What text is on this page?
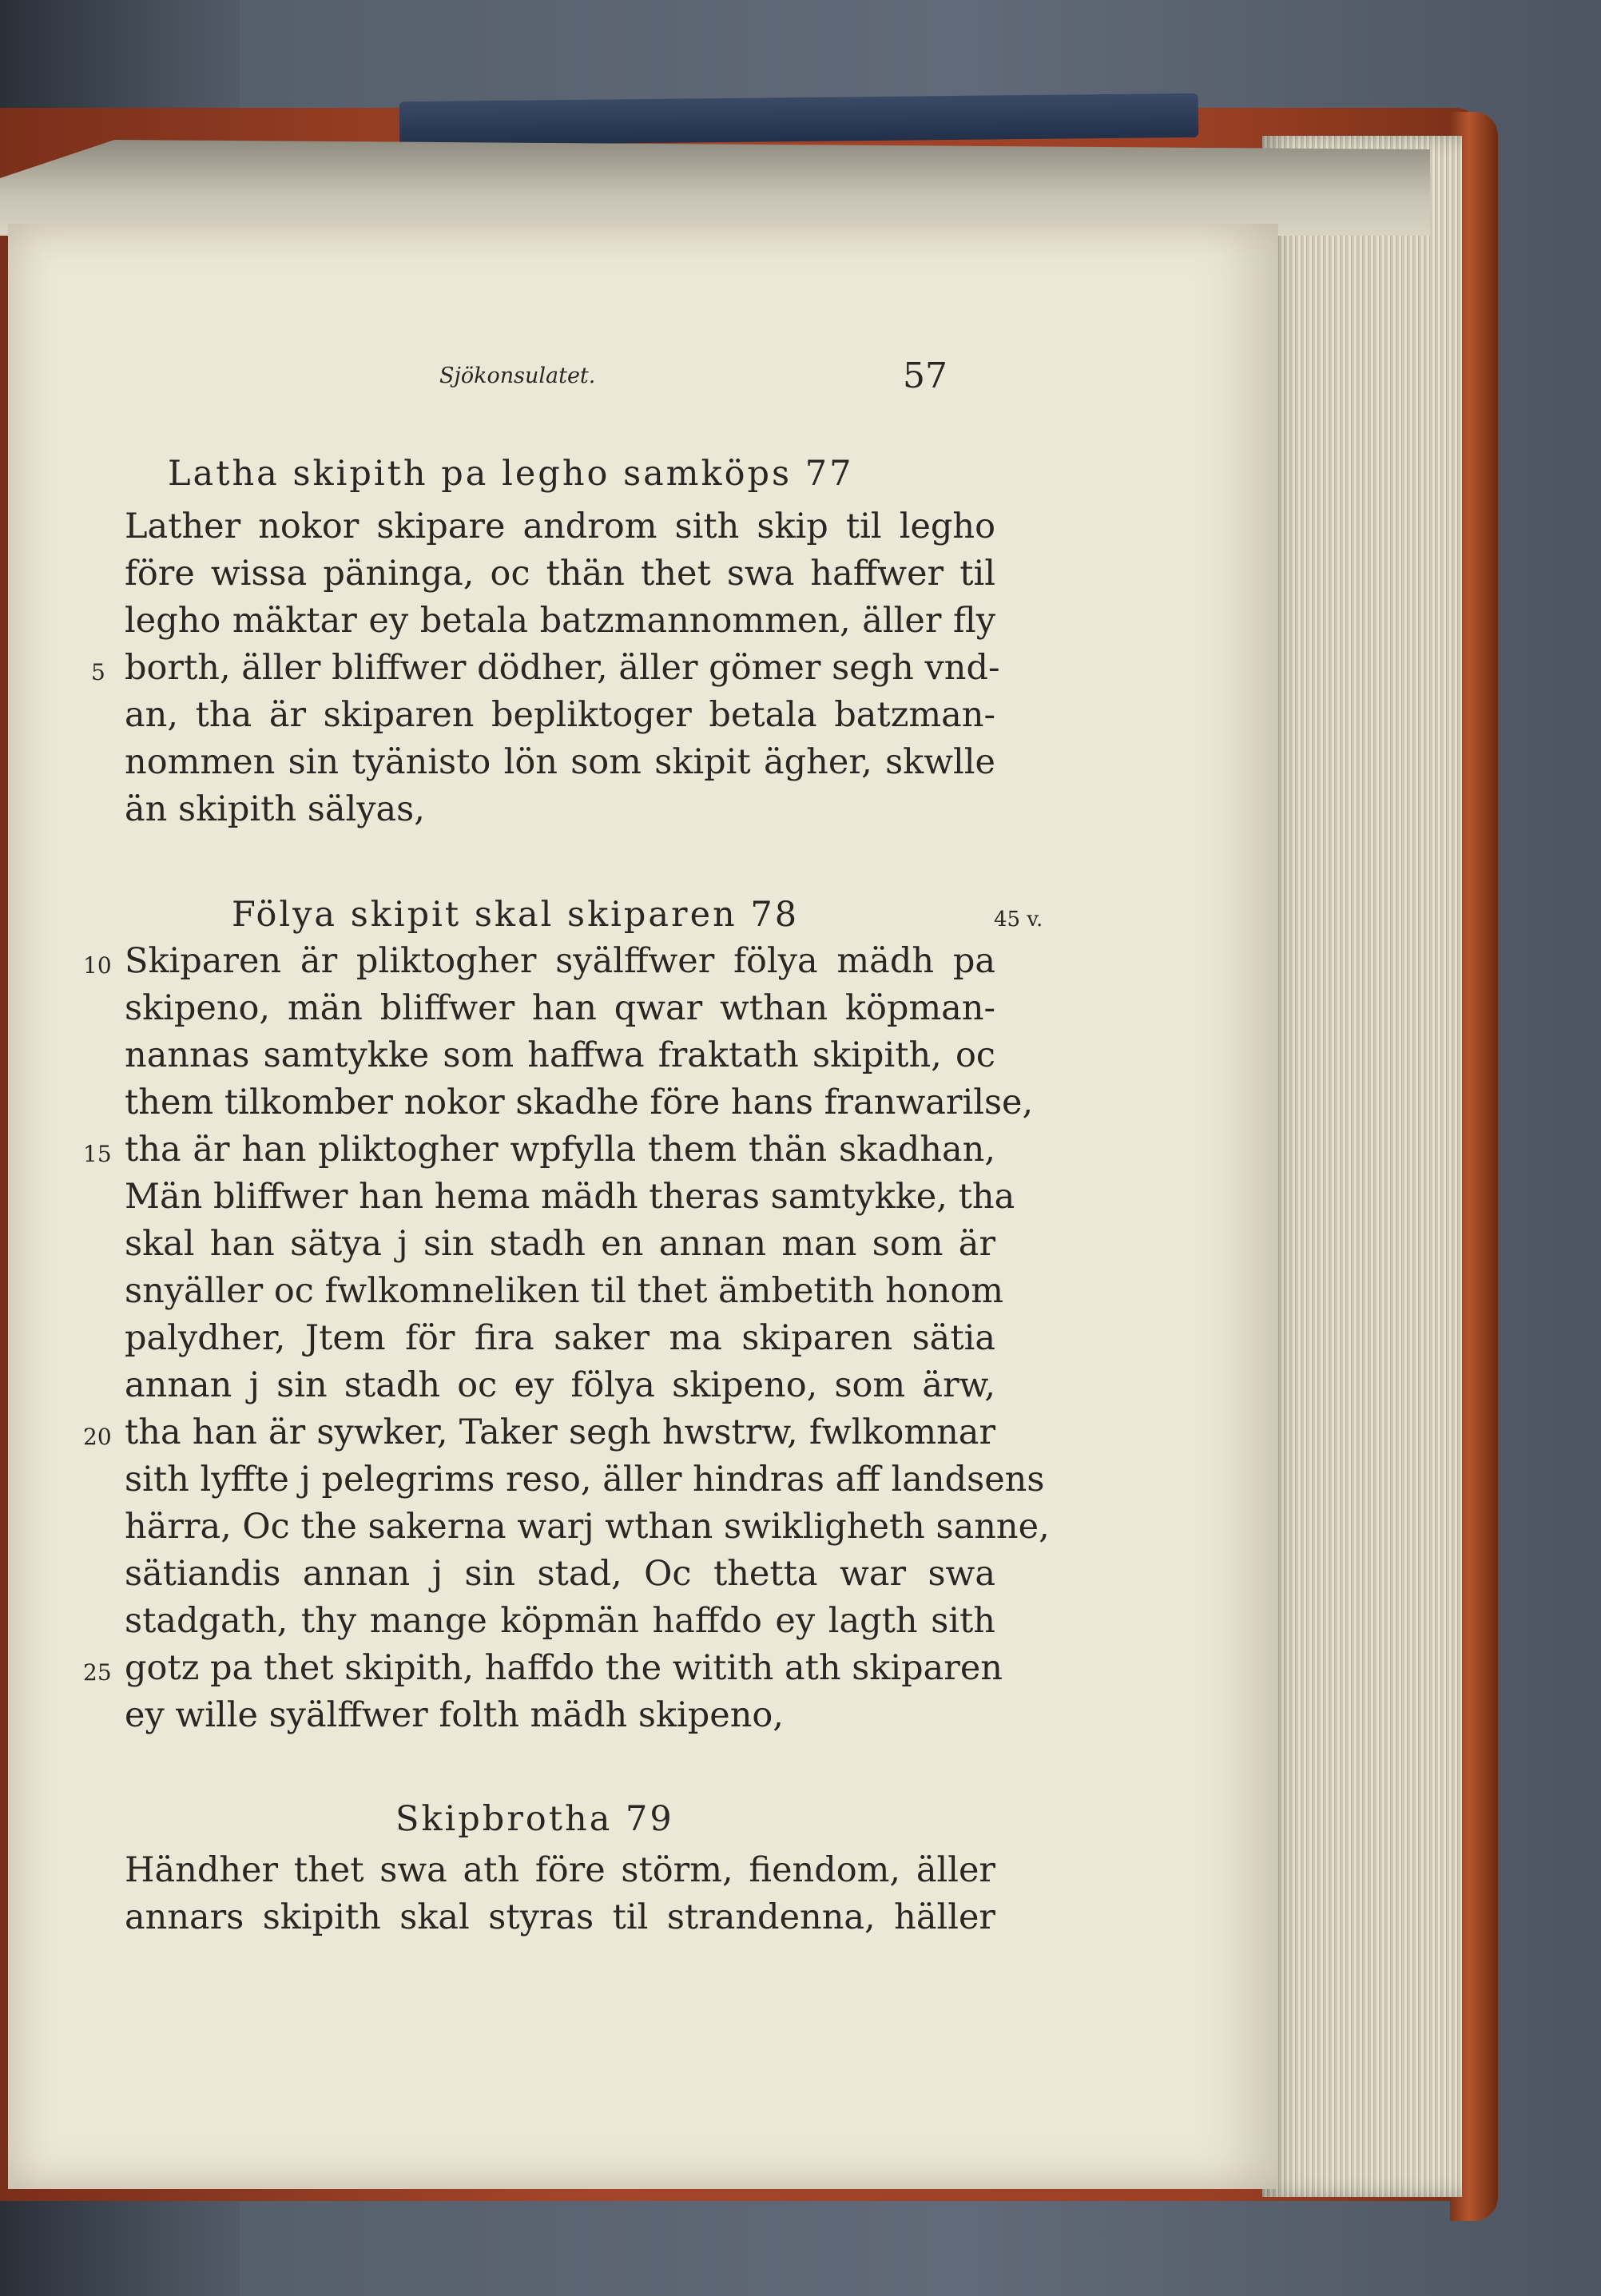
Sjökonsulatet.	57
Latha skipith pa legho samköps 77
Lather nokor skipare androm sith skip til legho
före wissa päninga, oc thän thet swa haffwer til
legho mäktar ey betala batzmannommen, äller fly
borth, äller bliffwer dödher, äller gömer segh vnd-
an, tha är skiparen bepliktoger betala batzman-
nommen sin tyänisto lön som skipit ägher, skwlle
än skipith sälyas,
Fölya skipit skal skiparen 78	45 v.
Skiparen är pliktogher syälffwer fölya mädh pa
skipeno, män bliffwer han qwar wthan köpman-
nannas samtykke som haffwa fraktath skipith, oc
them tilkomber nokor skadhe före hans franwarilse,
tha är han pliktogher wpfylla them thän skadhan,
Män bliffwer han hema mädh theras samtykke, tha
skal han sätya j sin stadh en annan man som är
snyäller oc fwlkomneliken til thet ämbetith honom
palydher, Jtem för fira saker ma skiparen sätia
annan j sin stadh oc ey fölya skipeno, som ärw,
tha han är sywker, Taker segh hwstrw, fwlkomnar
sith lyffte j pelegrims reso, äller hindras aff landsens
härra, Oc the sakerna warj wthan swikligheth sanne,
sätiandis annan j sin stad, Oc thetta war swa
stadgath, thy mange köpmän haffdo ey lagth sith
gotz pa thet skipith, haffdo the witith ath skiparen
ey wille syälffwer folth mädh skipeno,
Skipbrotha 79
Händher thet swa ath före störm, fiendom, äller
annars skipith skal styras til strandenna, häller
5
10
15
20
25
